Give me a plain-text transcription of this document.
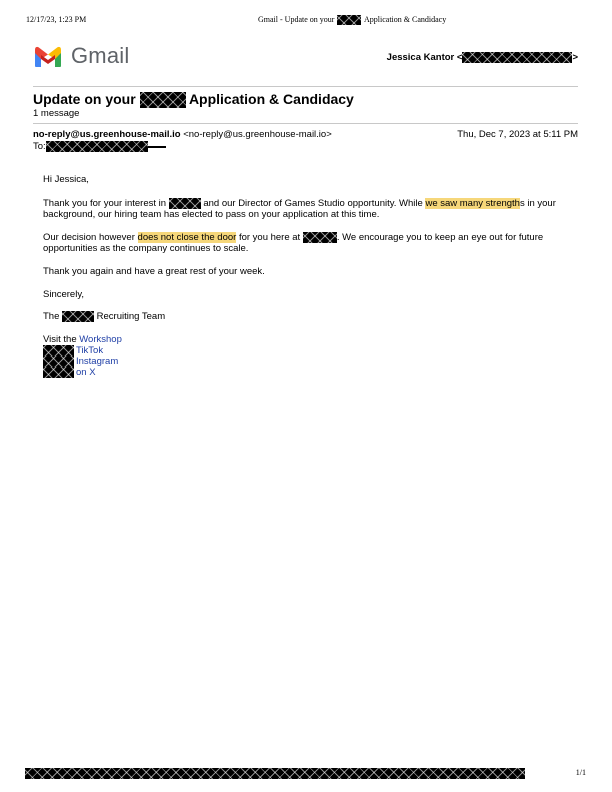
12/17/23, 1:23 PM	Gmail - Update on your	Application & Candidacy
Gmail	Jessica Kantor <	>
Update on your	Application & Candidacy
1 message
no-reply@us.greenhouse-mail.io <no-reply@us.greenhouse-mail.io>	Thu, Dec 7, 2023 at 5:11 PM
To:

Hi Jessica,

Thank you for your interest in	and our Director of Games Studio opportunity. While we saw many strengths in your

background, our hiring team has elected to pass on your application at this time.

Our decision however does not close the door for you here at	. We encourage you to keep an eye out for future

opportunities as the company continues to scale.

Thank you again and have a great rest of your week.

Sincerely,

The	Recruiting Team

Visit the Workshop
TikTok
Instagram
on X
1/1
